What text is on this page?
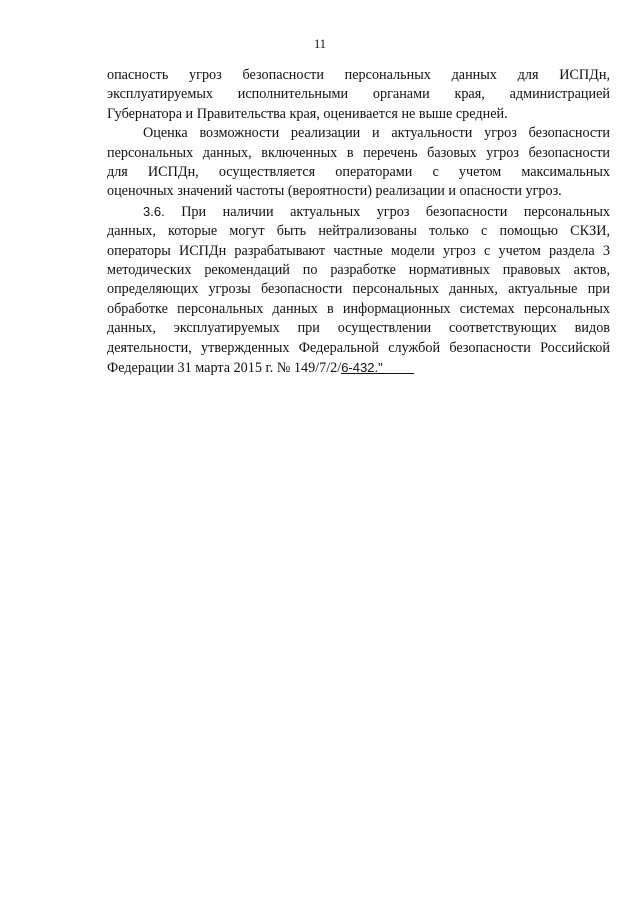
11
опасность угроз безопасности персональных данных для ИСПДн,
эксплуатируемых исполнительными органами края, администрацией
Губернатора и Правительства края, оценивается не выше средней.
Оценка возможности реализации и актуальности угроз безопасности
персональных данных, включенных в перечень базовых угроз безопасности
для ИСПДн, осуществляется операторами с учетом максимальных
оценочных значений частоты (вероятности) реализации и опасности угроз.
3.6. При наличии актуальных угроз безопасности персональных
данных, которые могут быть нейтрализованы только с помощью СКЗИ,
операторы ИСПДн разрабатывают частные модели угроз с учетом раздела 3
методических рекомендаций по разработке нормативных правовых актов,
определяющих угрозы безопасности персональных данных, актуальные при
обработке персональных данных в информационных системах персональных
данных, эксплуатируемых при осуществлении соответствующих видов
деятельности, утвержденных Федеральной службой безопасности Российской
Федерации 31 марта 2015 г. № 149/7/2/6-432."
